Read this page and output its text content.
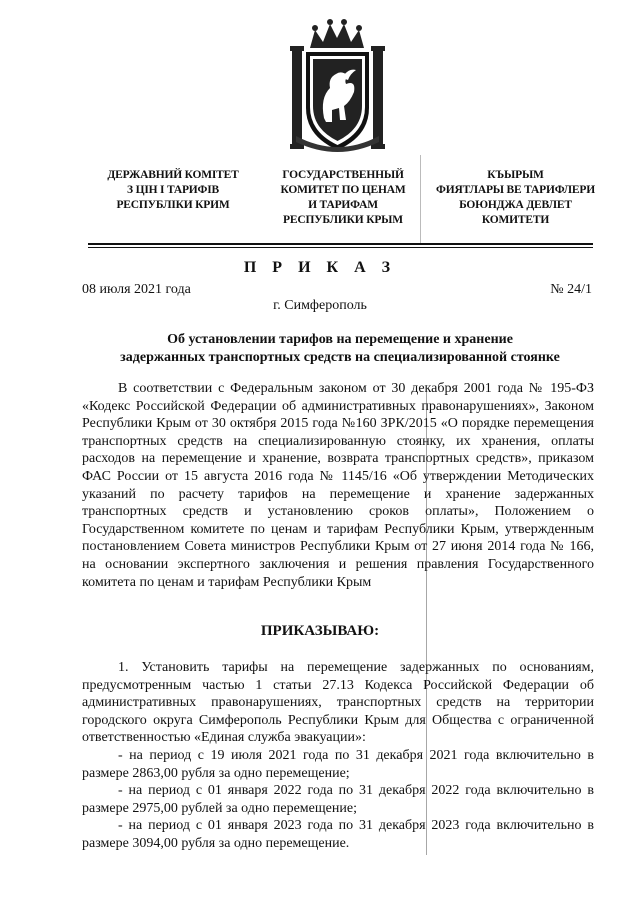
ДЕРЖАВНИЙ КОМІТЕТ
З ЦІН І ТАРИФІВ
РЕСПУБЛІКИ КРИМ
ГОСУДАРСТВЕННЫЙ
КОМИТЕТ ПО ЦЕНАМ
И ТАРИФАМ
РЕСПУБЛИКИ КРЫМ
КЪЫРЫМ
ФИЯТЛАРЫ ВЕ ТАРИФЛЕРИ
БОЮНДЖА ДЕВЛЕТ
КОМИТЕТИ
П Р И К А З
08 июля 2021 года	№ 24/1
г. Симферополь
Об установлении тарифов на перемещение и хранение
задержанных транспортных средств на специализированной стоянке
В соответствии с Федеральным законом от 30 декабря 2001 года № 195-ФЗ «Кодекс Российской Федерации об административных правонарушениях», Законом Республики Крым от 30 октября 2015 года №160 ЗРК/2015 «О порядке перемещения транспортных средств на специализированную стоянку, их хранения, оплаты расходов на перемещение и хранение, возврата транспортных средств», приказом ФАС России от 15 августа 2016 года № 1145/16 «Об утверждении Методических указаний по расчету тарифов на перемещение и хранение задержанных транспортных средств и установлению сроков оплаты», Положением о Государственном комитете по ценам и тарифам Республики Крым, утвержденным постановлением Совета министров Республики Крым от 27 июня 2014 года № 166, на основании экспертного заключения и решения правления Государственного комитета по ценам и тарифам Республики Крым
ПРИКАЗЫВАЮ:
1. Установить тарифы на перемещение задержанных по основаниям, предусмотренным частью 1 статьи 27.13 Кодекса Российской Федерации об административных правонарушениях, транспортных средств на территории городского округа Симферополь Республики Крым для Общества с ограниченной ответственностью «Единая служба эвакуации»:
- на период с 19 июля 2021 года по 31 декабря 2021 года включительно в размере 2863,00 рубля за одно перемещение;
- на период с 01 января 2022 года по 31 декабря 2022 года включительно в размере 2975,00 рублей за одно перемещение;
- на период с 01 января 2023 года по 31 декабря 2023 года включительно в размере 3094,00 рубля за одно перемещение.
